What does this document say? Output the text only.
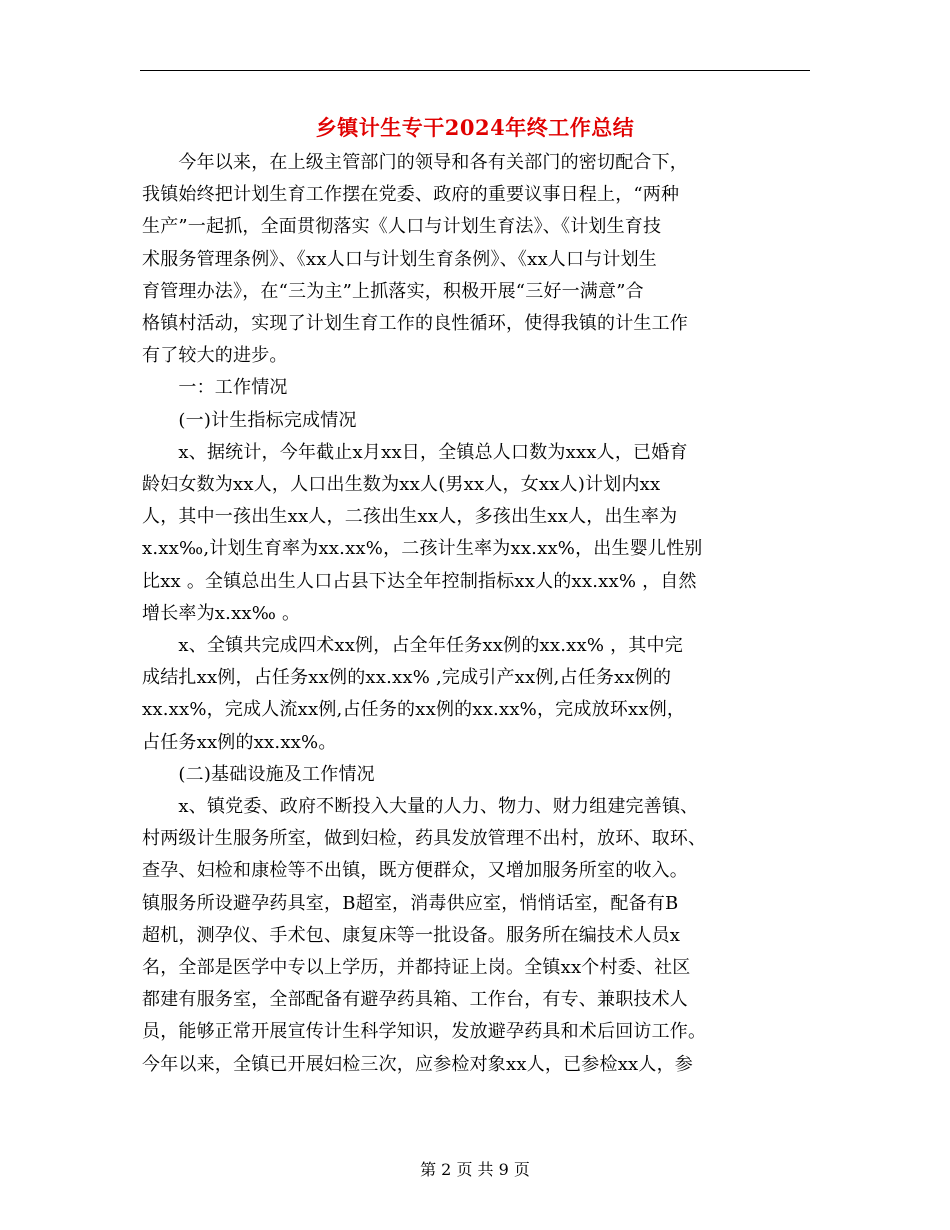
乡镇计生专干2024年终工作总结
　　今年以来，在上级主管部门的领导和各有关部门的密切配合下，
我镇始终把计划生育工作摆在党委、政府的重要议事日程上，“两种
生产”一起抓，全面贯彻落实《人口与计划生育法》、《计划生育技
术服务管理条例》、《xx人口与计划生育条例》、《xx人口与计划生
育管理办法》，在“三为主”上抓落实，积极开展“三好一满意”合
格镇村活动，实现了计划生育工作的良性循环，使得我镇的计生工作
有了较大的进步。
　　一：工作情况
　　(一)计生指标完成情况
　　x、据统计，今年截止x月xx日，全镇总人口数为xxx人，已婚育
龄妇女数为xx人，人口出生数为xx人(男xx人，女xx人)计划内xx
人，其中一孩出生xx人，二孩出生xx人，多孩出生xx人，出生率为
x.xx‰,计划生育率为xx.xx%，二孩计生率为xx.xx%，出生婴儿性别
比xx 。全镇总出生人口占县下达全年控制指标xx人的xx.xx% ，自然
增长率为x.xx‰ 。
　　x、全镇共完成四术xx例，占全年任务xx例的xx.xx% ，其中完
成结扎xx例，占任务xx例的xx.xx% ,完成引产xx例,占任务xx例的
xx.xx%，完成人流xx例,占任务的xx例的xx.xx%，完成放环xx例，
占任务xx例的xx.xx%。
　　(二)基础设施及工作情况
　　x、镇党委、政府不断投入大量的人力、物力、财力组建完善镇、
村两级计生服务所室，做到妇检，药具发放管理不出村，放环、取环、
查孕、妇检和康检等不出镇，既方便群众，又增加服务所室的收入。
镇服务所设避孕药具室，B超室，消毒供应室，悄悄话室，配备有B
超机，测孕仪、手术包、康复床等一批设备。服务所在编技术人员x
名，全部是医学中专以上学历，并都持证上岗。全镇xx个村委、社区
都建有服务室，全部配备有避孕药具箱、工作台，有专、兼职技术人
员，能够正常开展宣传计生科学知识，发放避孕药具和术后回访工作。
今年以来，全镇已开展妇检三次，应参检对象xx人，已参检xx人，参
第 2 页 共 9 页
